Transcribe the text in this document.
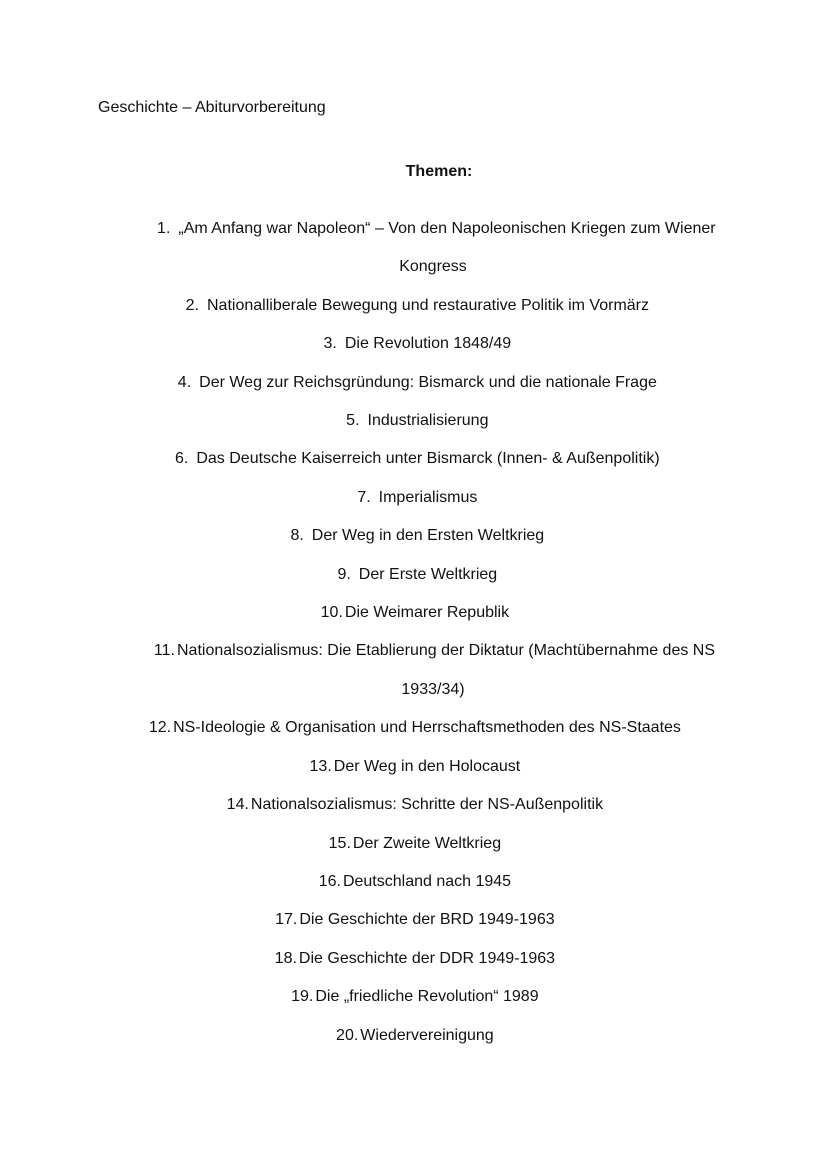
Geschichte – Abiturvorbereitung
Themen:
1. „Am Anfang war Napoleon“ – Von den Napoleonischen Kriegen zum Wiener Kongress
2. Nationalliberale Bewegung und restaurative Politik im Vormärz
3. Die Revolution 1848/49
4. Der Weg zur Reichsgründung: Bismarck und die nationale Frage
5. Industrialisierung
6. Das Deutsche Kaiserreich unter Bismarck (Innen- & Außenpolitik)
7. Imperialismus
8. Der Weg in den Ersten Weltkrieg
9. Der Erste Weltkrieg
10. Die Weimarer Republik
11. Nationalsozialismus: Die Etablierung der Diktatur (Machtübernahme des NS 1933/34)
12. NS-Ideologie & Organisation und Herrschaftsmethoden des NS-Staates
13. Der Weg in den Holocaust
14. Nationalsozialismus: Schritte der NS-Außenpolitik
15. Der Zweite Weltkrieg
16. Deutschland nach 1945
17. Die Geschichte der BRD 1949-1963
18. Die Geschichte der DDR 1949-1963
19. Die „friedliche Revolution“ 1989
20. Wiedervereinigung
